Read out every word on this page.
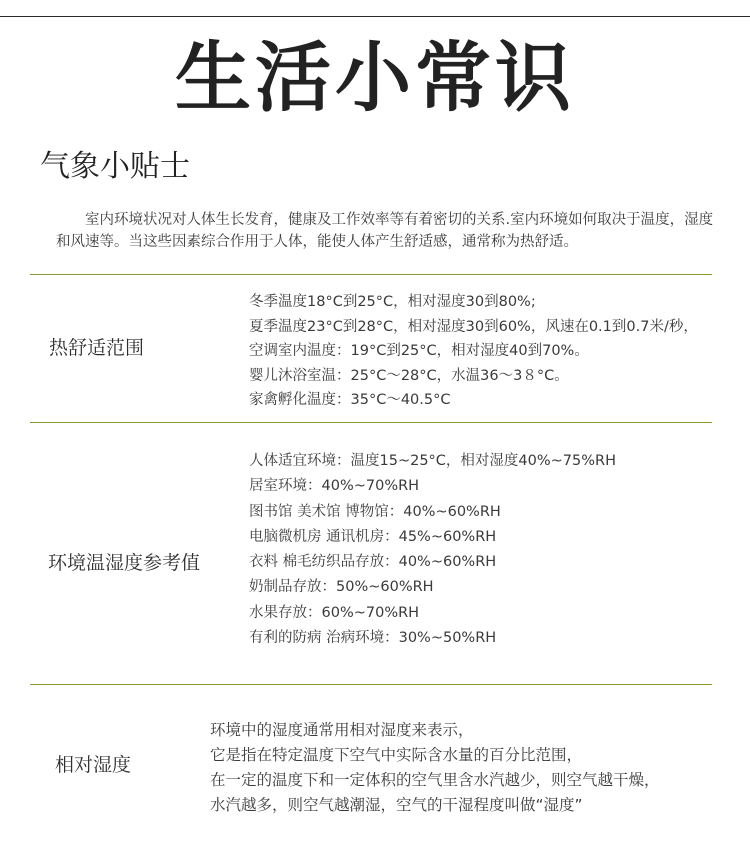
生活小常识
气象小贴士
室内环境状况对人体生长发育，健康及工作效率等有着密切的关系.室内环境如何取决于温度，湿度和风速等。当这些因素综合作用于人体，能使人体产生舒适感，通常称为热舒适。
热舒适范围
冬季温度18°C到25°C，相对湿度30到80%;
夏季温度23°C到28°C，相对湿度30到60%，风速在0.1到0.7米/秒，
空调室内温度：19°C到25°C，相对湿度40到70%。
婴儿沐浴室温：25°C～28°C，水温36～3８°C。
家禽孵化温度：35°C～40.5°C
环境温湿度参考值
人体适宜环境：温度15~25°C，相对湿度40%~75%RH
居室环境：40%~70%RH
图书馆 美术馆 博物馆：40%~60%RH
电脑微机房 通讯机房：45%~60%RH
衣料 棉毛纺织品存放：40%~60%RH
奶制品存放：50%~60%RH
水果存放：60%~70%RH
有利的防病 治病环境：30%~50%RH
相对湿度
环境中的湿度通常用相对湿度来表示，
它是指在特定温度下空气中实际含水量的百分比范围，
在一定的温度下和一定体积的空气里含水汽越少，则空气越干燥，
水汽越多，则空气越潮湿，空气的干湿程度叫做“湿度”
